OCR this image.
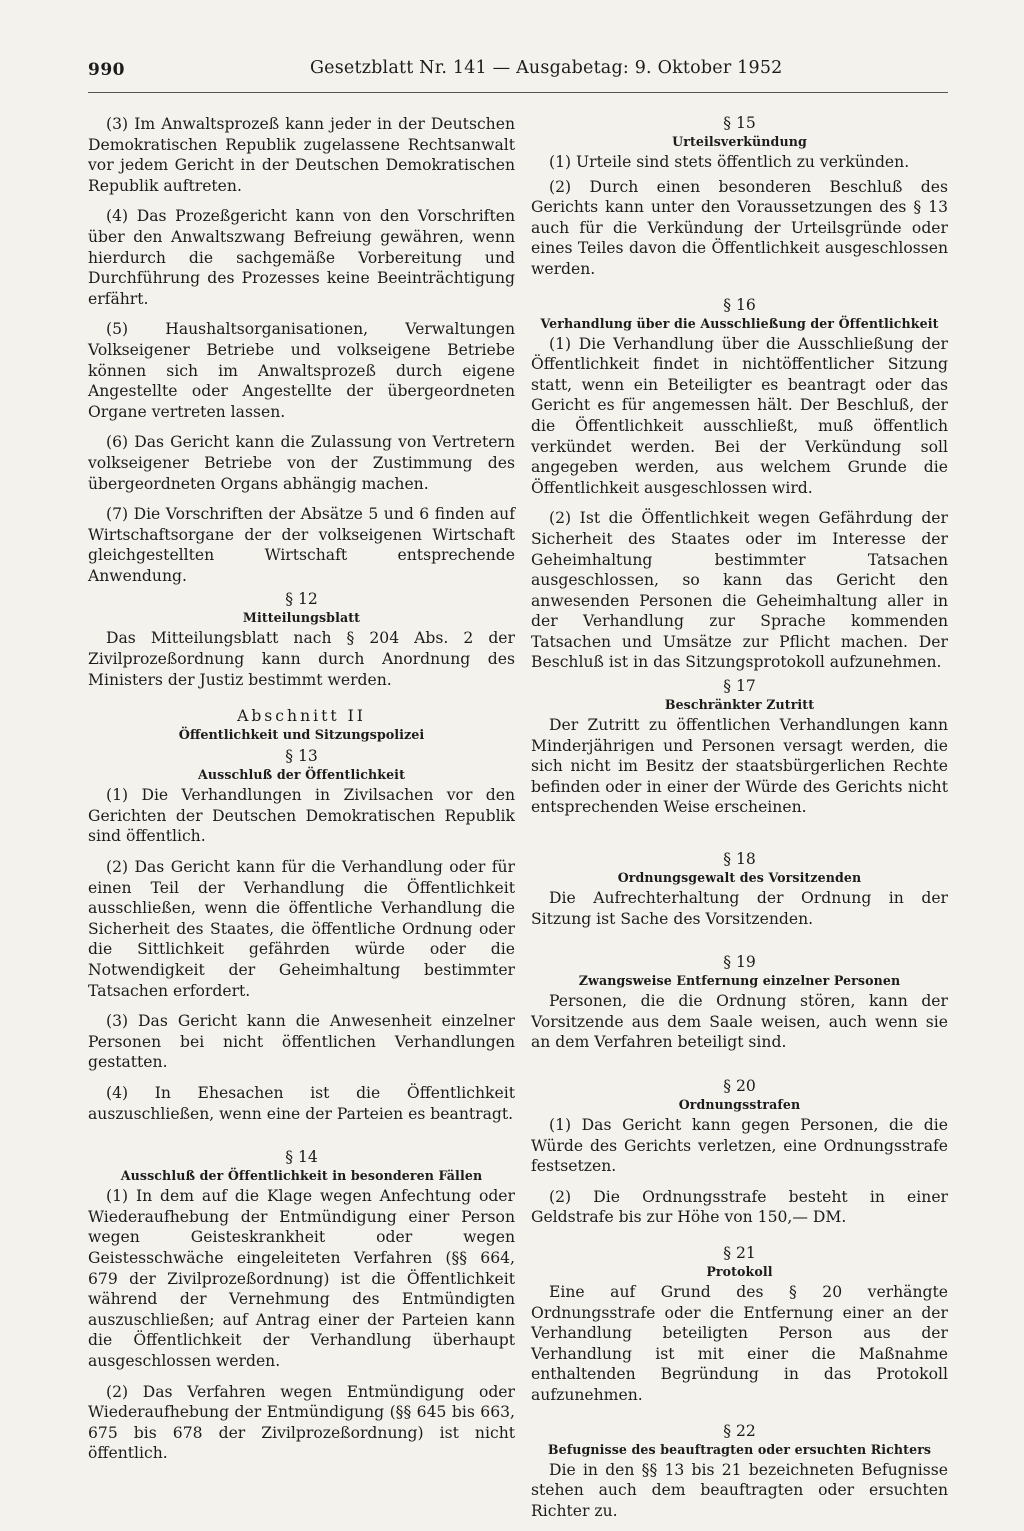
990	Gesetzblatt Nr. 141 — Ausgabetag: 9. Oktober 1952

(3) Im Anwaltsprozeß kann jeder in der Deutschen Demokratischen Republik zugelassene Rechtsanwalt vor jedem Gericht in der Deutschen Demokratischen Republik auftreten.

(4) Das Prozeßgericht kann von den Vorschriften über den Anwaltszwang Befreiung gewähren, wenn hierdurch die sachgemäße Vorbereitung und Durchführung des Prozesses keine Beeinträchtigung erfährt.

(5) Haushaltsorganisationen, Verwaltungen Volkseigener Betriebe und volkseigene Betriebe können sich im Anwaltsprozeß durch eigene Angestellte oder Angestellte der übergeordneten Organe vertreten lassen.

(6) Das Gericht kann die Zulassung von Vertretern volkseigener Betriebe von der Zustimmung des übergeordneten Organs abhängig machen.

(7) Die Vorschriften der Absätze 5 und 6 finden auf Wirtschaftsorgane der der volkseigenen Wirtschaft gleichgestellten Wirtschaft entsprechende Anwendung.

§ 12

Mitteilungsblatt

Das Mitteilungsblatt nach § 204 Abs. 2 der Zivilprozeßordnung kann durch Anordnung des Ministers der Justiz bestimmt werden.

Abschnitt II

Öffentlichkeit und Sitzungspolizei

§ 13

Ausschluß der Öffentlichkeit

(1) Die Verhandlungen in Zivilsachen vor den Gerichten der Deutschen Demokratischen Republik sind öffentlich.

(2) Das Gericht kann für die Verhandlung oder für einen Teil der Verhandlung die Öffentlichkeit ausschließen, wenn die öffentliche Verhandlung die Sicherheit des Staates, die öffentliche Ordnung oder die Sittlichkeit gefährden würde oder die Notwendigkeit der Geheimhaltung bestimmter Tatsachen erfordert.

(3) Das Gericht kann die Anwesenheit einzelner Personen bei nicht öffentlichen Verhandlungen gestatten.

(4) In Ehesachen ist die Öffentlichkeit auszuschließen, wenn eine der Parteien es beantragt.

§ 14

Ausschluß der Öffentlichkeit in besonderen Fällen

(1) In dem auf die Klage wegen Anfechtung oder Wiederaufhebung der Entmündigung einer Person wegen Geisteskrankheit oder wegen Geistesschwäche eingeleiteten Verfahren (§§ 664, 679 der Zivilprozeßordnung) ist die Öffentlichkeit während der Vernehmung des Entmündigten auszuschließen; auf Antrag einer der Parteien kann die Öffentlichkeit der Verhandlung überhaupt ausgeschlossen werden.

(2) Das Verfahren wegen Entmündigung oder Wiederaufhebung der Entmündigung (§§ 645 bis 663, 675 bis 678 der Zivilprozeßordnung) ist nicht öffentlich.

§ 15

Urteilsverkündung

(1) Urteile sind stets öffentlich zu verkünden.

(2) Durch einen besonderen Beschluß des Gerichts kann unter den Voraussetzungen des § 13 auch für die Verkündung der Urteilsgründe oder eines Teiles davon die Öffentlichkeit ausgeschlossen werden.

§ 16

Verhandlung über die Ausschließung der Öffentlichkeit

(1) Die Verhandlung über die Ausschließung der Öffentlichkeit findet in nichtöffentlicher Sitzung statt, wenn ein Beteiligter es beantragt oder das Gericht es für angemessen hält. Der Beschluß, der die Öffentlichkeit ausschließt, muß öffentlich verkündet werden. Bei der Verkündung soll angegeben werden, aus welchem Grunde die Öffentlichkeit ausgeschlossen wird.

(2) Ist die Öffentlichkeit wegen Gefährdung der Sicherheit des Staates oder im Interesse der Geheimhaltung bestimmter Tatsachen ausgeschlossen, so kann das Gericht den anwesenden Personen die Geheimhaltung aller in der Verhandlung zur Sprache kommenden Tatsachen und Umsätze zur Pflicht machen. Der Beschluß ist in das Sitzungsprotokoll aufzunehmen.

§ 17

Beschränkter Zutritt

Der Zutritt zu öffentlichen Verhandlungen kann Minderjährigen und Personen versagt werden, die sich nicht im Besitz der staatsbürgerlichen Rechte befinden oder in einer der Würde des Gerichts nicht entsprechenden Weise erscheinen.

§ 18

Ordnungsgewalt des Vorsitzenden

Die Aufrechterhaltung der Ordnung in der Sitzung ist Sache des Vorsitzenden.

§ 19

Zwangsweise Entfernung einzelner Personen

Personen, die die Ordnung stören, kann der Vorsitzende aus dem Saale weisen, auch wenn sie an dem Verfahren beteiligt sind.

§ 20

Ordnungsstrafen

(1) Das Gericht kann gegen Personen, die die Würde des Gerichts verletzen, eine Ordnungsstrafe festsetzen.

(2) Die Ordnungsstrafe besteht in einer Geldstrafe bis zur Höhe von 150,— DM.

§ 21

Protokoll

Eine auf Grund des § 20 verhängte Ordnungsstrafe oder die Entfernung einer an der Verhandlung beteiligten Person aus der Verhandlung ist mit einer die Maßnahme enthaltenden Begründung in das Protokoll aufzunehmen.

§ 22

Befugnisse des beauftragten oder ersuchten Richters

Die in den §§ 13 bis 21 bezeichneten Befugnisse stehen auch dem beauftragten oder ersuchten Richter zu.
